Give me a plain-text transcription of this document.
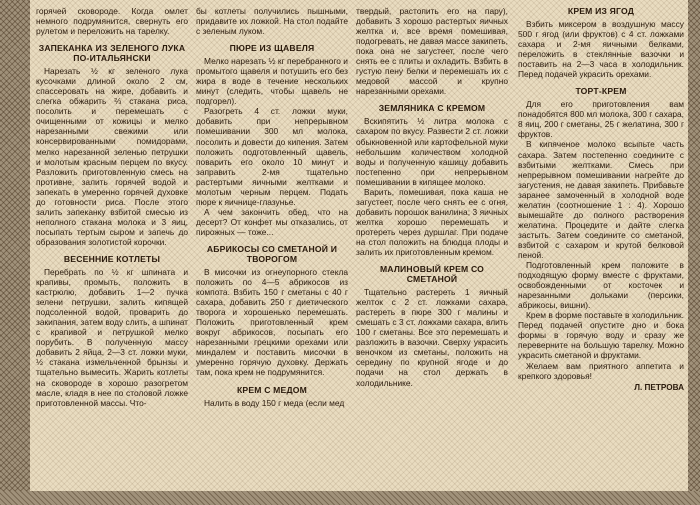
горячей сковороде. Когда омлет немного подрумянится, свернуть его рулетом и переложить на тарелку.
ЗАПЕКАНКА ИЗ ЗЕЛЕНОГО ЛУКА ПО-ИТАЛЬЯНСКИ
Нарезать ½ кг зеленого лука кусочками длиной около 2 см, спассеровать на жире, добавить и слегка обжарить ⅔ стакана риса, посолить и перемешать с очищенными от кожицы и мелко нарезанными свежими или консервированными помидорами, мелко нарезанной зеленью петрушки и молотым красным перцем по вкусу. Разложить приготовленную смесь на противне, залить горячей водой и запекать в умеренно горячей духовке до готовности риса. После этого залить запеканку взбитой смесью из неполного стакана молока и 3 яиц, посыпать тертым сыром и запечь до образования золотистой корочки.
ВЕСЕННИЕ КОТЛЕТЫ
Перебрать по ½ кг шпината и крапивы, промыть, положить в кастрюлю, добавить 1—2 пучка зелени петрушки, залить кипящей подсоленной водой, проварить до закипания, затем воду слить, а шпинат с крапивой и петрушкой мелко порубить. В полученную массу добавить 2 яйца, 2—3 ст. ложки муки, ½ стакана измельченной брынзы и тщательно вымесить. Жарить котлеты на сковороде в хорошо разогретом масле, кладя в нее по столовой ложке приготовленной массы. Что-
бы котлеты получились пышными, придавите их ложкой. На стол подайте с зеленым луком.
ПЮРЕ ИЗ ЩАВЕЛЯ
Мелко нарезать ½ кг перебранного и промытого щавеля и потушить его без жира в воде в течение нескольких минут (следить, чтобы щавель не подгорел).
Разогреть 4 ст. ложки муки, добавить при непрерывном помешивании 300 мл молока, посолить и довести до кипения. Затем положить подготовленный щавель, поварить его около 10 минут и заправить 2-мя тщательно растертыми яичными желтками и молотым черным перцем. Подать пюре к яичнице-глазунье.
А чем закончить обед, что на десерт? От конфет мы отказались, от пирожных — тоже...
АБРИКОСЫ СО СМЕТАНОЙ И ТВОРОГОМ
В мисочки из огнеупорного стекла положить по 4—5 абрикосов из компота. Взбить 150 г сметаны с 40 г сахара, добавить 250 г диетического творога и хорошенько перемешать. Положить приготовленный крем вокруг абрикосов, посыпать его нарезанными грецкими орехами или миндалем и поставить мисочки в умеренно горячую духовку. Держать там, пока крем не подрумянится.
КРЕМ С МЕДОМ
Налить в воду 150 г меда (если мед
твердый, растопить его на пару), добавить 3 хорошо растертых яичных желтка и, все время помешивая, подогревать, не давая массе закипеть, пока она не загустеет, после чего снять ее с плиты и охладить. Взбить в густую пену белки и перемешать их с медовой массой и крупно нарезанными орехами.
ЗЕМЛЯНИКА С КРЕМОМ
Вскипятить ½ литра молока с сахаром по вкусу. Развести 2 ст. ложки обыкновенной или картофельной муки небольшим количеством холодной воды и полученную кашицу добавить постепенно при непрерывном помешивании в кипящее молоко.
Варить, помешивая, пока каша не загустеет, после чего снять ее с огня, добавить порошок ванилина; 3 яичных желтка хорошо перемешать и протереть через дуршлаг. При подаче на стол положить на блюдца плоды и залить их приготовленным кремом.
МАЛИНОВЫЙ КРЕМ СО СМЕТАНОЙ
Тщательно растереть 1 яичный желток с 2 ст. ложками сахара, растереть в пюре 300 г малины и смешать с 3 ст. ложками сахара, влить 100 г сметаны. Все это перемешать и разложить в вазочки. Сверху украсить веночком из сметаны, положить на середину по крупной ягоде и до подачи на стол держать в холодильнике.
КРЕМ ИЗ ЯГОД
Взбить миксером в воздушную массу 500 г ягод (или фруктов) с 4 ст. ложками сахара и 2-мя яичными белками, переложить в стеклянные вазочки и поставить на 2—3 часа в холодильник. Перед подачей украсить орехами.
ТОРТ-КРЕМ
Для его приготовления вам понадобятся 800 мл молока, 300 г сахара, 8 яиц, 200 г сметаны, 25 г желатина, 300 г фруктов.
В кипяченое молоко всыпьте часть сахара. Затем постепенно соедините с взбитыми желтками. Смесь при непрерывном помешивании нагрейте до загустения, не давая закипеть. Прибавьте заранее замоченный в холодной воде желатин (соотношение 1 : 4). Хорошо вымешайте до полного растворения желатина. Процедите и дайте слегка застыть. Затем соедините со сметаной, взбитой с сахаром и крутой белковой пеной.
Подготовленный крем положите в подходящую форму вместе с фруктами, освобожденными от косточек и нарезанными дольками (персики, абрикосы, вишни).
Крем в форме поставьте в холодильник. Перед подачей опустите дно и бока формы в горячую воду и сразу же переверните на большую тарелку. Можно украсить сметаной и фруктами.
Желаем вам приятного аппетита и крепкого здоровья!
Л. ПЕТРОВА
